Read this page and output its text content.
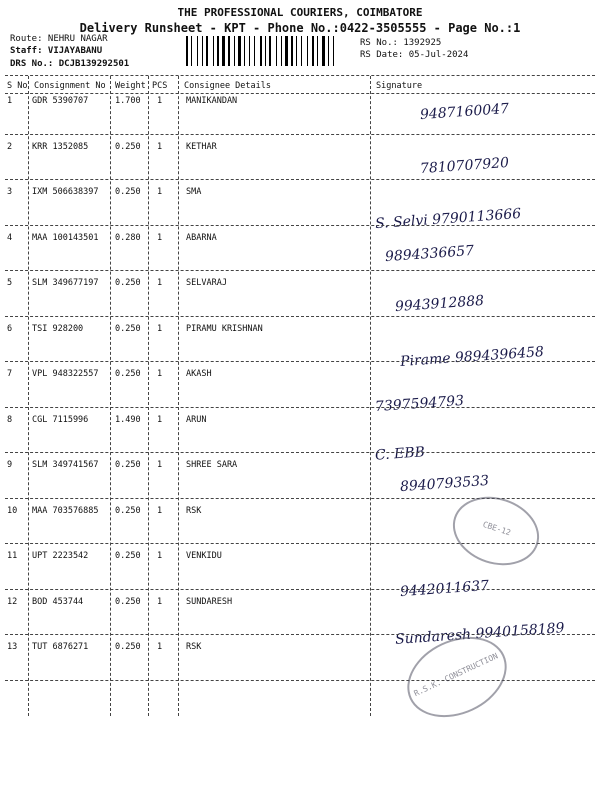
THE PROFESSIONAL COURIERS, COIMBATORE
Delivery Runsheet - KPT - Phone No.:0422-3505555 - Page No.:1
Route: NEHRU NAGAR
Staff: VIJAYABANU
DRS No.: DCJB139292501
RS No.: 1392925
RS Date: 05-Jul-2024
S No Consignment No Weight PCS Consignee Details	Signature
1 GDR 5390707	1.700 1	MANIKANDAN	9487160047
2 KRR 1352085	0.250 1	KETHAR
7810707920
3 IXM 506638397 0.250 1	SMA
S. Selvi 9790113666
4 MAA 100143501 0.280 1	ABARNA
9894336657
5 SLM 349677197 0.250 1	SELVARAJ
9943912888
6 TSI 928200	0.250 1	PIRAMU KRISHNAN
Pirame 9894396458
7 VPL 948322557 0.250 1	AKASH
7397594793
8 CGL 7115996	1.490 1	ARUN
C. EBB
9 SLM 349741567 0.250 1	SHREE SARA
8940793533
10 MAA 703576885 0.250 1	RSK
11 UPT 2223542	0.250 1	VENKIDU
9442011637
12 BOD 453744	0.250 1	SUNDARESH
Sundaresh 9940158189
13 TUT 6876271	0.250 1	RSK
CBE-12
R.S.K. CONSTRUCTION
